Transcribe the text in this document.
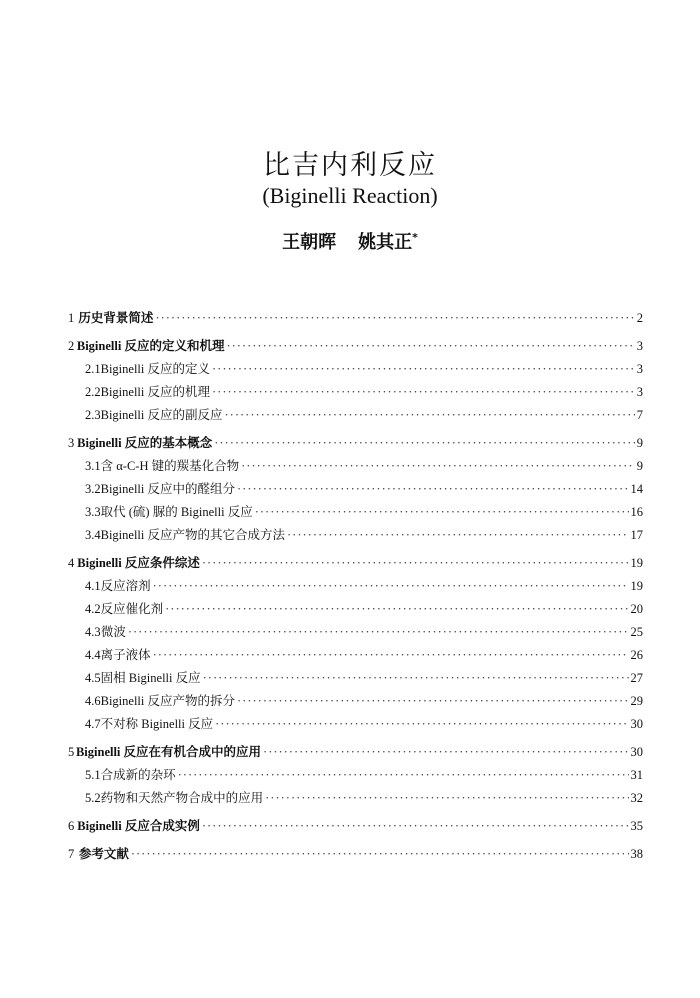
比吉内利反应
(Biginelli Reaction)
王朝晖 姚其正*
1 历史背景简述 ·····	2
2 Biginelli 反应的定义和机理 ·····	3
2.1 Biginelli 反应的定义 ·····	3
2.2 Biginelli 反应的机理 ·····	3
2.3 Biginelli 反应的副反应 ·····	7
3 Biginelli 反应的基本概念 ·····	9
3.1 含 α-C-H 键的羰基化合物 ·····	9
3.2 Biginelli 反应中的醛组分 ·····	14
3.3 取代 (硫) 脲的 Biginelli 反应 ·····	16
3.4 Biginelli 反应产物的其它合成方法 ·····	17
4 Biginelli 反应条件综述 ·····	19
4.1 反应溶剂 ·····	19
4.2 反应催化剂 ·····	20
4.3 微波 ·····	25
4.4 离子液体 ·····	26
4.5 固相 Biginelli 反应 ·····	27
4.6 Biginelli 反应产物的拆分 ·····	29
4.7 不对称 Biginelli 反应 ·····	30
5 Biginelli 反应在有机合成中的应用 ·····	30
5.1 合成新的杂环 ·····	31
5.2 药物和天然产物合成中的应用 ·····	32
6 Biginelli 反应合成实例 ·····	35
7 参考文献 ·····	38
